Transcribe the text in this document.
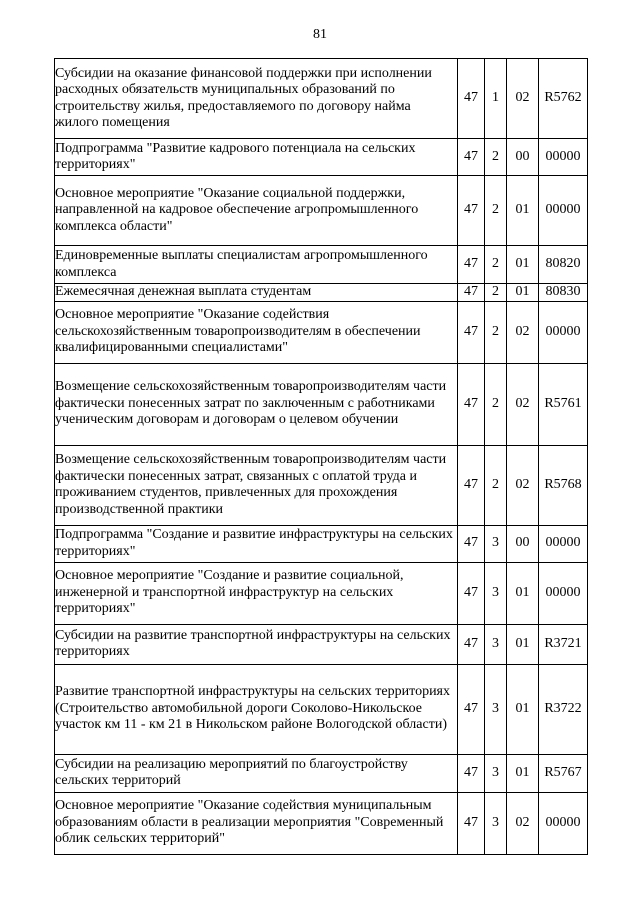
81
Субсидии на оказание финансовой поддержки при исполнении расходных обязательств муниципальных образований по строительству жилья, предоставляемого по договору найма жилого помещения	47	1	02	R5762
Подпрограмма "Развитие кадрового потенциала на сельских территориях"	47	2	00	00000
Основное мероприятие "Оказание социальной поддержки, направленной на кадровое обеспечение агропромышленного комплекса области"	47	2	01	00000
Единовременные выплаты специалистам агропромышленного комплекса	47	2	01	80820
Ежемесячная денежная выплата студентам	47	2	01	80830
Основное мероприятие "Оказание содействия сельскохозяйственным товаропроизводителям в обеспечении квалифицированными специалистами"	47	2	02	00000
Возмещение сельскохозяйственным товаропроизводителям части фактически понесенных затрат по заключенным с работниками ученическим договорам и договорам о целевом обучении	47	2	02	R5761
Возмещение сельскохозяйственным товаропроизводителям части фактически понесенных затрат, связанных с оплатой труда и проживанием студентов, привлеченных для прохождения производственной практики	47	2	02	R5768
Подпрограмма "Создание и развитие инфраструктуры на сельских территориях"	47	3	00	00000
Основное мероприятие "Создание и развитие социальной, инженерной и транспортной инфраструктур на сельских территориях"	47	3	01	00000
Субсидии на развитие транспортной инфраструктуры на сельских территориях	47	3	01	R3721
Развитие транспортной инфраструктуры на сельских территориях (Строительство автомобильной дороги Соколово-Никольское участок км 11 - км 21 в Никольском районе Вологодской области)	47	3	01	R3722
Субсидии на реализацию мероприятий по благоустройству сельских территорий	47	3	01	R5767
Основное мероприятие "Оказание содействия муниципальным образованиям области в реализации мероприятия "Современный облик сельских территорий"	47	3	02	00000
